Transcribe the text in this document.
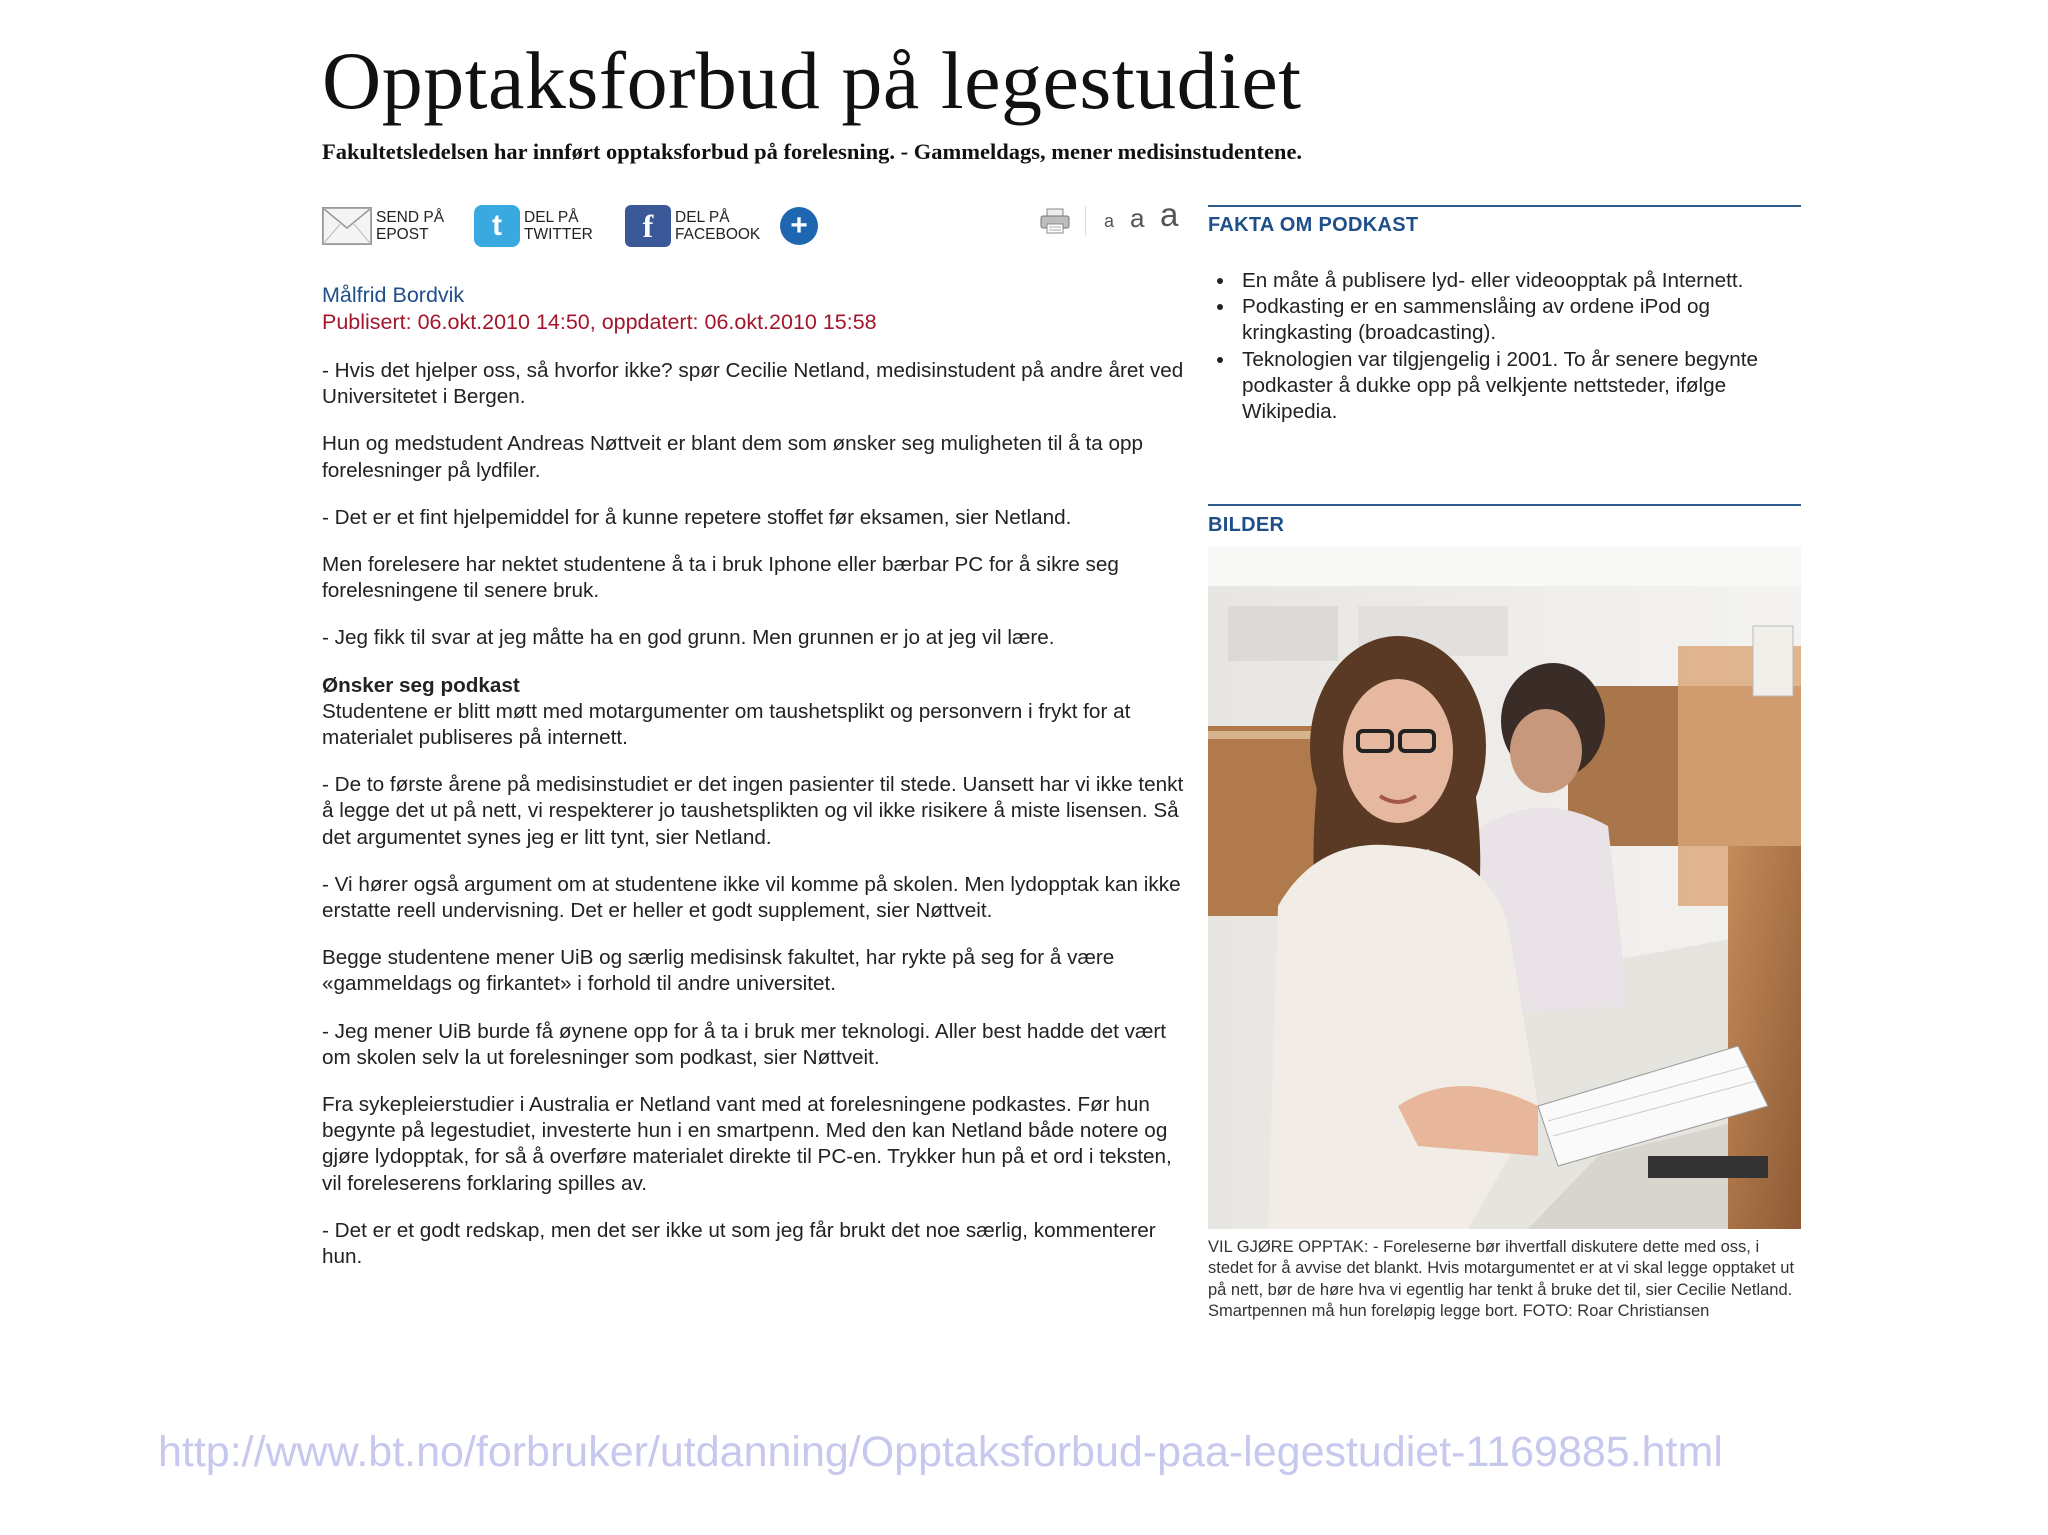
Opptaksforbud på legestudiet
Fakultetsledelsen har innført opptaksforbud på forelesning. - Gammeldags, mener medisinstudentene.
SEND PÅ
EPOST	t DEL PÅ
TWITTER f DEL PÅ
FACEBOOK +	a a a
Målfrid Bordvik
Publisert: 06.okt.2010 14:50, oppdatert: 06.okt.2010 15:58

- Hvis det hjelper oss, så hvorfor ikke? spør Cecilie Netland, medisinstudent på andre året ved Universitetet i Bergen.

Hun og medstudent Andreas Nøttveit er blant dem som ønsker seg muligheten til å ta opp forelesninger på lydfiler.

- Det er et fint hjelpemiddel for å kunne repetere stoffet før eksamen, sier Netland.

Men forelesere har nektet studentene å ta i bruk Iphone eller bærbar PC for å sikre seg forelesningene til senere bruk.

- Jeg fikk til svar at jeg måtte ha en god grunn. Men grunnen er jo at jeg vil lære.

Ønsker seg podkast
Studentene er blitt møtt med motargumenter om taushetsplikt og personvern i frykt for at materialet publiseres på internett.

- De to første årene på medisinstudiet er det ingen pasienter til stede. Uansett har vi ikke tenkt å legge det ut på nett, vi respekterer jo taushetsplikten og vil ikke risikere å miste lisensen. Så det argumentet synes jeg er litt tynt, sier Netland.

- Vi hører også argument om at studentene ikke vil komme på skolen. Men lydopptak kan ikke erstatte reell undervisning. Det er heller et godt supplement, sier Nøttveit.

Begge studentene mener UiB og særlig medisinsk fakultet, har rykte på seg for å være «gammeldags og firkantet» i forhold til andre universitet.

- Jeg mener UiB burde få øynene opp for å ta i bruk mer teknologi. Aller best hadde det vært om skolen selv la ut forelesninger som podkast, sier Nøttveit.

Fra sykepleierstudier i Australia er Netland vant med at forelesningene podkastes. Før hun begynte på legestudiet, investerte hun i en smartpenn. Med den kan Netland både notere og gjøre lydopptak, for så å overføre materialet direkte til PC-en. Trykker hun på et ord i teksten, vil foreleserens forklaring spilles av.

- Det er et godt redskap, men det ser ikke ut som jeg får brukt det noe særlig, kommenterer hun.

FAKTA OM PODKAST
• En måte å publisere lyd- eller videoopptak på Internett.
• Podkasting er en sammenslåing av ordene iPod og kringkasting (broadcasting).
• Teknologien var tilgjengelig i 2001. To år senere begynte podkaster å dukke opp på velkjente nettsteder, ifølge Wikipedia.
BILDER
VIL GJØRE OPPTAK: - Foreleserne bør ihvertfall diskutere dette med oss, i stedet for å avvise det blankt. Hvis motargumentet er at vi skal legge opptaket ut på nett, bør de høre hva vi egentlig har tenkt å bruke det til, sier Cecilie Netland. Smartpennen må hun foreløpig legge bort. FOTO: Roar Christiansen
http://www.bt.no/forbruker/utdanning/Opptaksforbud-paa-legestudiet-1169885.html
